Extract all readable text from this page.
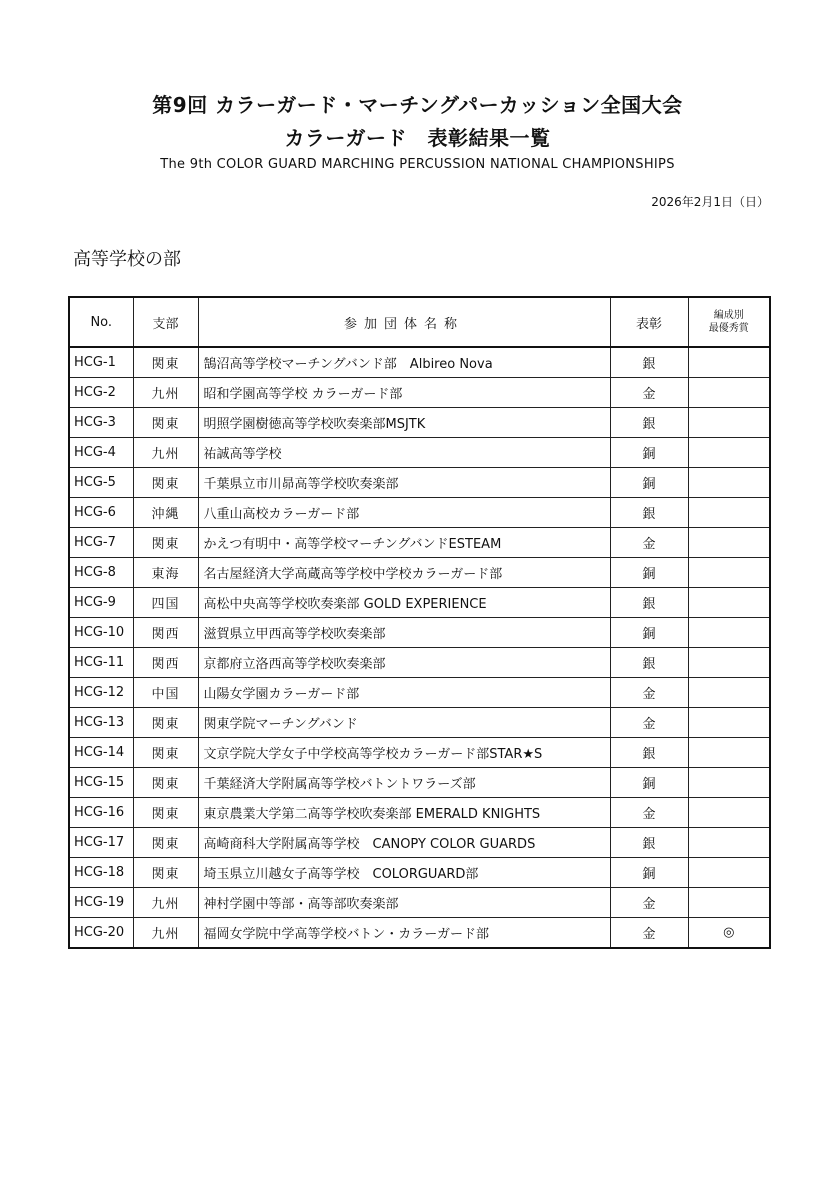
第9回 カラーガード・マーチングパーカッション全国大会
カラーガード　表彰結果一覧
The 9th COLOR GUARD MARCHING PERCUSSION NATIONAL CHAMPIONSHIPS
2026年2月1日（日）
高等学校の部
No.	支部	参加団体名称	表彰	編成別
最優秀賞

HCG-1	関東	鵠沼高等学校マーチングバンド部　Albireo Nova	銀	
HCG-2	九州	昭和学園高等学校 カラーガード部	金	
HCG-3	関東	明照学園樹徳高等学校吹奏楽部MSJTK	銀	
HCG-4	九州	祐誠高等学校	銅	
HCG-5	関東	千葉県立市川昴高等学校吹奏楽部	銅	
HCG-6	沖縄	八重山高校カラーガード部	銀	
HCG-7	関東	かえつ有明中・高等学校マーチングバンドESTEAM	金	
HCG-8	東海	名古屋経済大学高蔵高等学校中学校カラーガード部	銅	
HCG-9	四国	高松中央高等学校吹奏楽部 GOLD EXPERIENCE	銀	
HCG-10	関西	滋賀県立甲西高等学校吹奏楽部	銅	
HCG-11	関西	京都府立洛西高等学校吹奏楽部	銀	
HCG-12	中国	山陽女学園カラーガード部	金	
HCG-13	関東	関東学院マーチングバンド	金	
HCG-14	関東	文京学院大学女子中学校高等学校カラーガード部STAR★S	銀	
HCG-15	関東	千葉経済大学附属高等学校バトントワラーズ部	銅	
HCG-16	関東	東京農業大学第二高等学校吹奏楽部 EMERALD KNIGHTS	金	
HCG-17	関東	高崎商科大学附属高等学校　CANOPY COLOR GUARDS	銀	
HCG-18	関東	埼玉県立川越女子高等学校　COLORGUARD部	銅	
HCG-19	九州	神村学園中等部・高等部吹奏楽部	金	
HCG-20	九州	福岡女学院中学高等学校バトン・カラーガード部	金	◎
